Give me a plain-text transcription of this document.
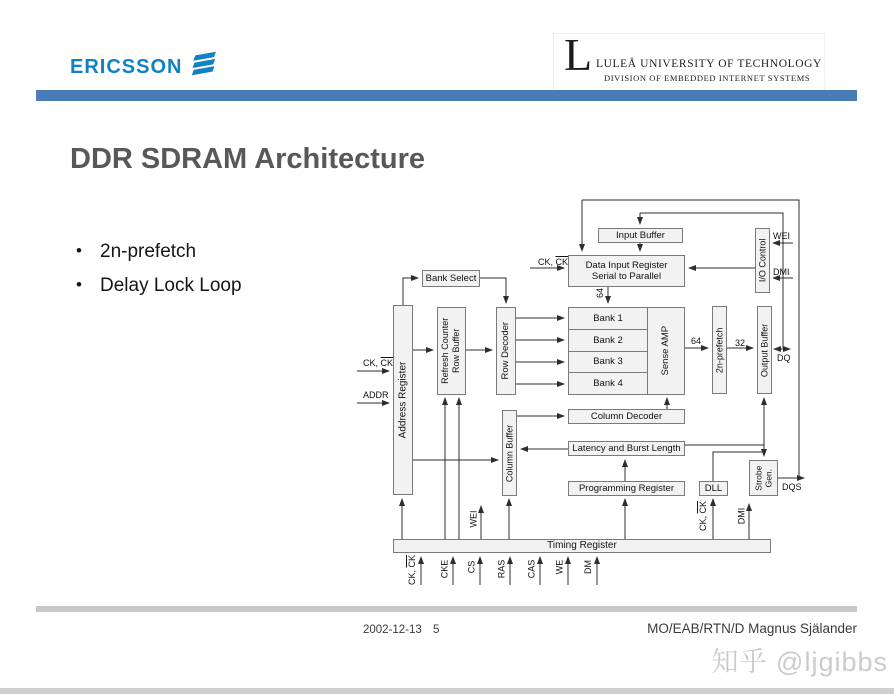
ERICSSON	L LULEÅ UNIVERSITY OF TECHNOLOGY
DIVISION OF EMBEDDED INTERNET SYSTEMS
DDR SDRAM Architecture
• 2n-prefetch
• Delay Lock Loop
Input Buffer
Data Input Register
Serial to Parallel	I/O Control
Bank Select
Address Register
Refresh Counter
Row Buffer	Row Decoder
Bank 1
Bank 2
Bank 3
Bank 4
Sense AMP	2n-prefetch	Output Buffer
Column Buffer
Column Decoder
Latency and Burst Length
Programming Register	DLL	Strobe
Gen.
Timing Register
CK, $\overline{CK}$
WEI
DMI
64
CK, $\overline{CK}$
ADDR
64	32
DQ
DQS
WEI	CK, $\overline{CK}$
DMI
CK, $\overline{CK}$ CKE CS RAS CAS WE DM
2002-12-13 5	MO/EAB/RTN/D Magnus Själander
知乎 @ljgibbs
